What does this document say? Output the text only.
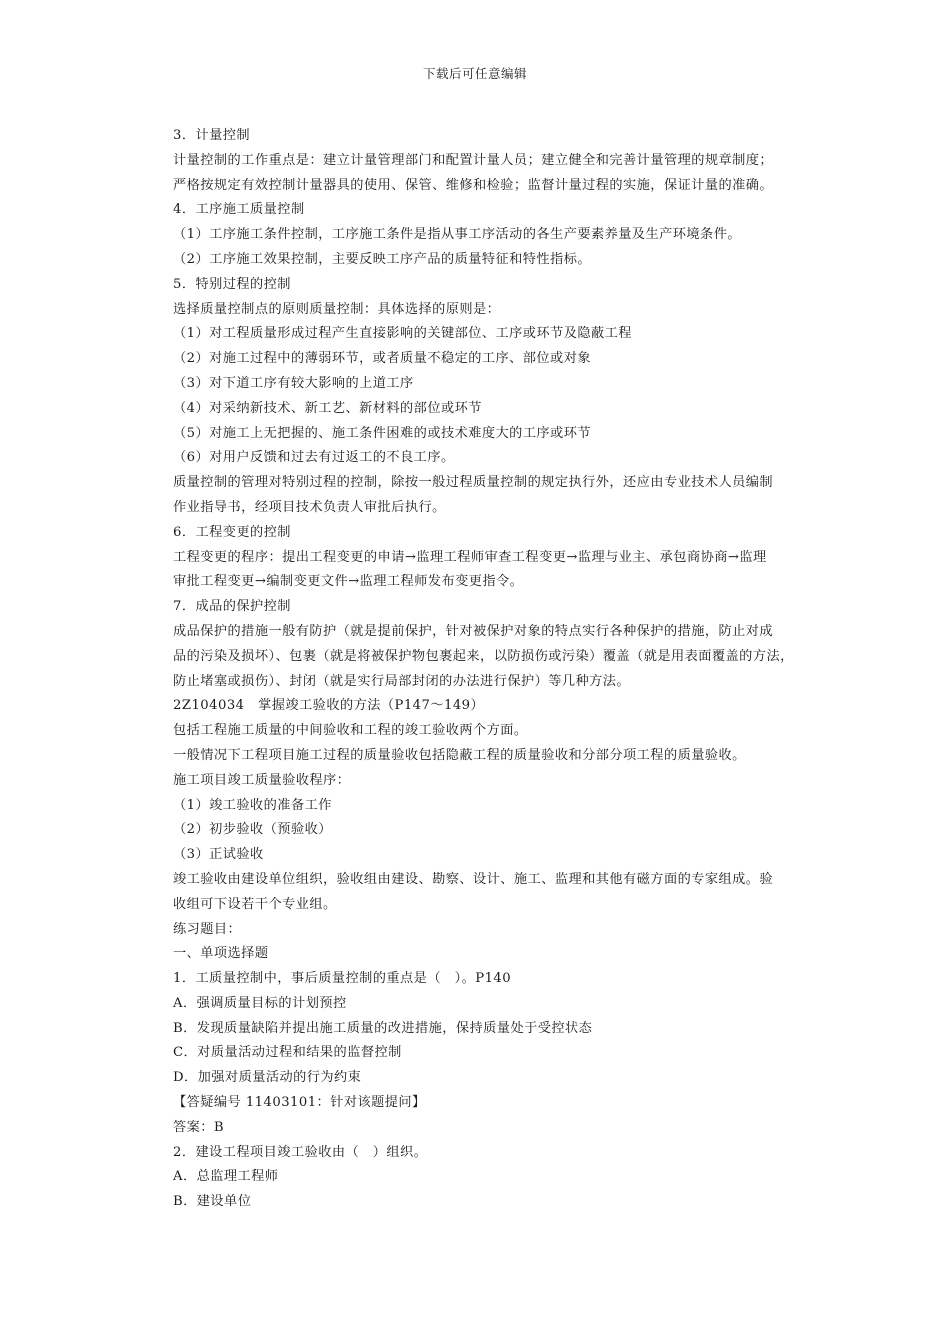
下载后可任意编辑
3．计量控制
计量控制的工作重点是：建立计量管理部门和配置计量人员；建立健全和完善计量管理的规章制度；
严格按规定有效控制计量器具的使用、保管、维修和检验；监督计量过程的实施，保证计量的准确。
4．工序施工质量控制
（1）工序施工条件控制，工序施工条件是指从事工序活动的各生产要素养量及生产环境条件。
（2）工序施工效果控制，主要反映工序产品的质量特征和特性指标。
5．特别过程的控制
选择质量控制点的原则质量控制：具体选择的原则是：
（1）对工程质量形成过程产生直接影响的关键部位、工序或环节及隐蔽工程
（2）对施工过程中的薄弱环节，或者质量不稳定的工序、部位或对象
（3）对下道工序有较大影响的上道工序
（4）对采纳新技术、新工艺、新材料的部位或环节
（5）对施工上无把握的、施工条件困难的或技术难度大的工序或环节
（6）对用户反馈和过去有过返工的不良工序。
质量控制的管理对特别过程的控制，除按一般过程质量控制的规定执行外，还应由专业技术人员编制
作业指导书，经项目技术负责人审批后执行。
6．工程变更的控制
工程变更的程序：提出工程变更的申请→监理工程师审查工程变更→监理与业主、承包商协商→监理
审批工程变更→编制变更文件→监理工程师发布变更指令。
7．成品的保护控制
成品保护的措施一般有防护（就是提前保护，针对被保护对象的特点实行各种保护的措施，防止对成
品的污染及损坏）、包裹（就是将被保护物包裹起来，以防损伤或污染）覆盖（就是用表面覆盖的方法，
防止堵塞或损伤）、封闭（就是实行局部封闭的办法进行保护）等几种方法。
2Z104034　掌握竣工验收的方法（P147～149）
包括工程施工质量的中间验收和工程的竣工验收两个方面。
一般情况下工程项目施工过程的质量验收包括隐蔽工程的质量验收和分部分项工程的质量验收。
施工项目竣工质量验收程序：
（1）竣工验收的准备工作
（2）初步验收（预验收）
（3）正试验收
竣工验收由建设单位组织，验收组由建设、勘察、设计、施工、监理和其他有磁方面的专家组成。验
收组可下设若干个专业组。
练习题目：
一、单项选择题
1．工质量控制中，事后质量控制的重点是（　）。P140
A．强调质量目标的计划预控
B．发现质量缺陷并提出施工质量的改进措施，保持质量处于受控状态
C．对质量活动过程和结果的监督控制
D．加强对质量活动的行为约束
【答疑编号 11403101：针对该题提问】
答案：B
2．建设工程项目竣工验收由（　）组织。
A．总监理工程师
B．建设单位
